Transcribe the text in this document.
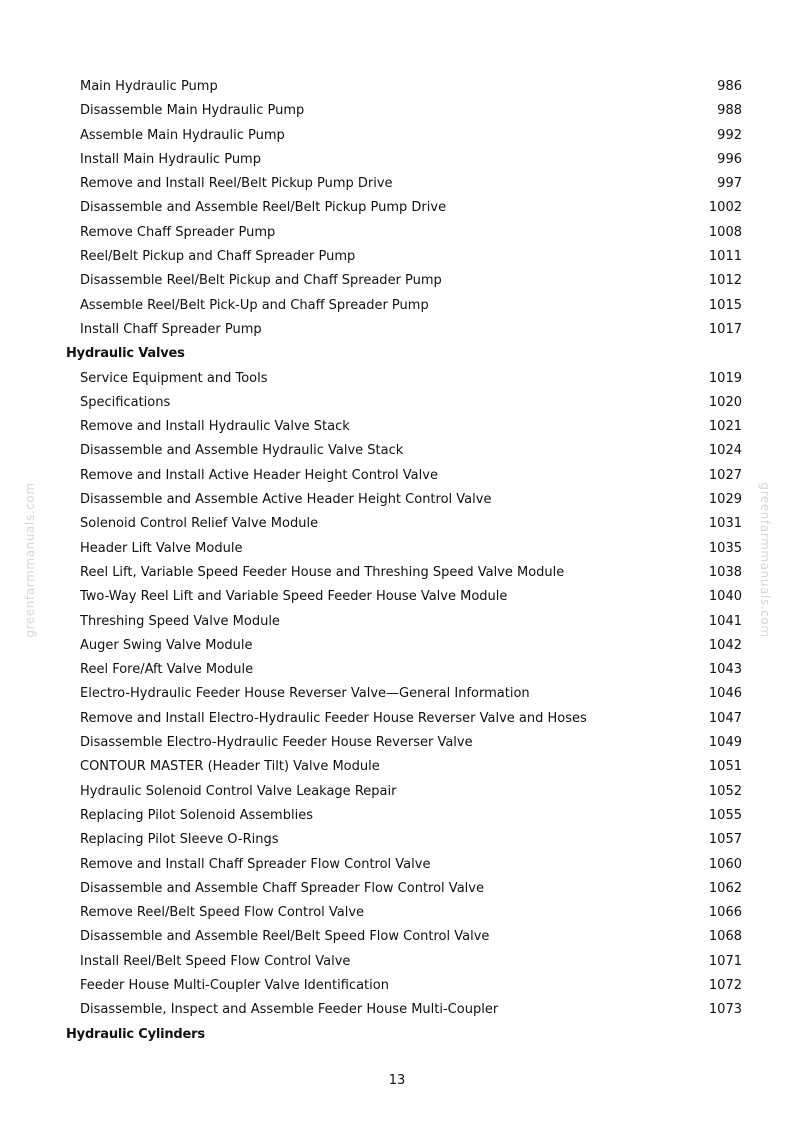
greenfarmmanuals.com	greenfarmmanuals.com
Main Hydraulic Pump	986
Disassemble Main Hydraulic Pump	988
Assemble Main Hydraulic Pump	992
Install Main Hydraulic Pump	996
Remove and Install Reel/Belt Pickup Pump Drive	997
Disassemble and Assemble Reel/Belt Pickup Pump Drive	1002
Remove Chaff Spreader Pump	1008
Reel/Belt Pickup and Chaff Spreader Pump	1011
Disassemble Reel/Belt Pickup and Chaff Spreader Pump	1012
Assemble Reel/Belt Pick-Up and Chaff Spreader Pump	1015
Install Chaff Spreader Pump	1017
Hydraulic Valves
Service Equipment and Tools	1019
Specifications	1020
Remove and Install Hydraulic Valve Stack	1021
Disassemble and Assemble Hydraulic Valve Stack	1024
Remove and Install Active Header Height Control Valve	1027
Disassemble and Assemble Active Header Height Control Valve	1029
Solenoid Control Relief Valve Module	1031
Header Lift Valve Module	1035
Reel Lift, Variable Speed Feeder House and Threshing Speed Valve Module	1038
Two-Way Reel Lift and Variable Speed Feeder House Valve Module	1040
Threshing Speed Valve Module	1041
Auger Swing Valve Module	1042
Reel Fore/Aft Valve Module	1043
Electro-Hydraulic Feeder House Reverser Valve—General Information	1046
Remove and Install Electro-Hydraulic Feeder House Reverser Valve and Hoses	1047
Disassemble Electro-Hydraulic Feeder House Reverser Valve	1049
CONTOUR MASTER (Header Tilt) Valve Module	1051
Hydraulic Solenoid Control Valve Leakage Repair	1052
Replacing Pilot Solenoid Assemblies	1055
Replacing Pilot Sleeve O-Rings	1057
Remove and Install Chaff Spreader Flow Control Valve	1060
Disassemble and Assemble Chaff Spreader Flow Control Valve	1062
Remove Reel/Belt Speed Flow Control Valve	1066
Disassemble and Assemble Reel/Belt Speed Flow Control Valve	1068
Install Reel/Belt Speed Flow Control Valve	1071
Feeder House Multi-Coupler Valve Identification	1072
Disassemble, Inspect and Assemble Feeder House Multi-Coupler	1073
Hydraulic Cylinders
13
